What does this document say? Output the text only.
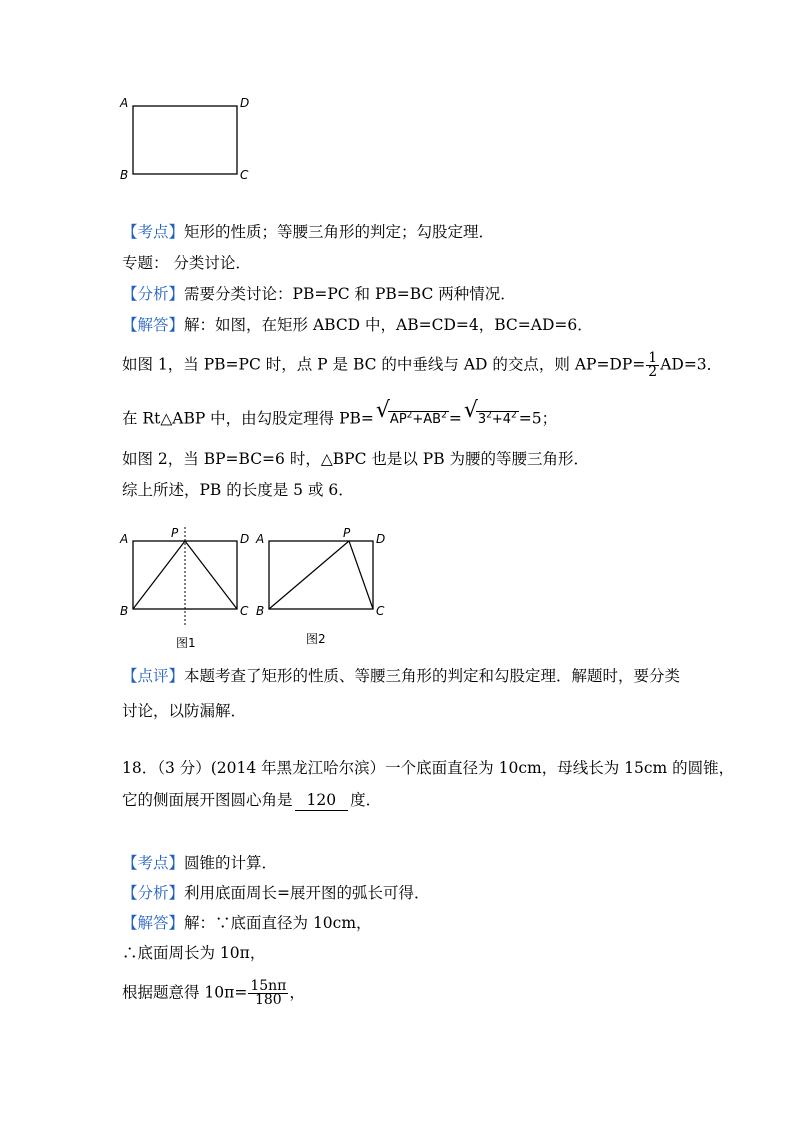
A	D
B	C
【考点】矩形的性质；等腰三角形的判定；勾股定理．
专题： 分类讨论．
【分析】需要分类讨论：PB=PC 和 PB=BC 两种情况．
【解答】解：如图，在矩形 ABCD 中，AB=CD=4，BC=AD=6．
如图 1，当 PB=PC 时，点 P 是 BC 的中垂线与 AD 的交点，则 $AP=DP= \frac{1}{2} AD=3$．
在 Rt△ABP 中，由勾股定理得 PB= √ $AP^2+AB^2$ = √ $3^2+4^2 =5$；
如图 2，当 BP=BC=6 时，△BPC 也是以 PB 为腰的等腰三角形．
综上所述，PB 的长度是 5 或 6．
A	P	D
B	C
图1
A	P D
B	C
图2
【点评】本题考查了矩形的性质、等腰三角形的判定和勾股定理．解题时，要分类
讨论，以防漏解．
18．（3 分）(2014 年黑龙江哈尔滨）一个底面直径为 10cm，母线长为 15cm 的圆锥，
它的侧面展开图圆心角是 120 度．
【考点】圆锥的计算．
【分析】利用底面周长=展开图的弧长可得．
【解答】解：∵底面直径为 10cm，
∴底面周长为 10π，
根据题意得 $10\pi= \frac{15n\pi}{180}$ ，
